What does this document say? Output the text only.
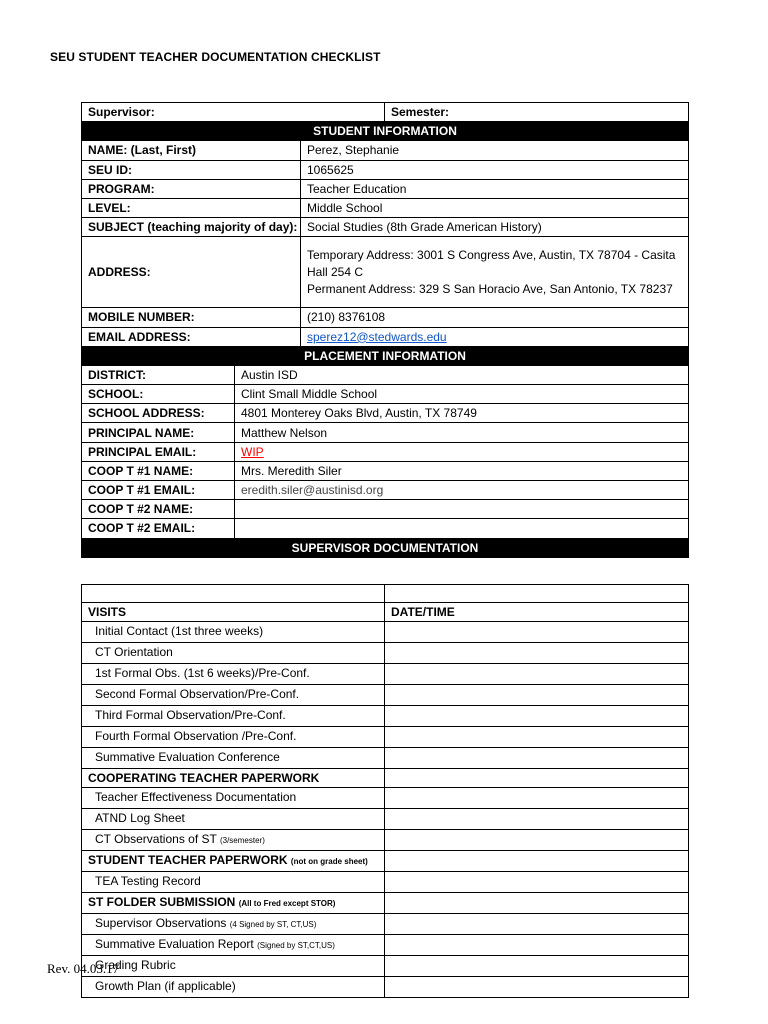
SEU STUDENT TEACHER DOCUMENTATION CHECKLIST
Supervisor:			Semester:
STUDENT INFORMATION			
NAME: (Last, First)		Perez, Stephanie	
SEU ID:		1065625	
PROGRAM:		Teacher Education	
LEVEL:		Middle School	
SUBJECT (teaching majority of day):		Social Studies (8th Grade American History)	
ADDRESS:		Temporary Address: 3001 S Congress Ave, Austin, TX 78704 - Casita Hall 254 C
Permanent Address: 329 S San Horacio Ave, San Antonio, TX 78237	

MOBILE NUMBER:		(210) 8376108	
EMAIL ADDRESS:		sperez12@stedwards.edu	
PLACEMENT INFORMATION			
DISTRICT:	Austin ISD		
SCHOOL:	Clint Small Middle School		
SCHOOL ADDRESS:	4801 Monterey Oaks Blvd, Austin, TX 78749		
PRINCIPAL NAME:	Matthew Nelson		
PRINCIPAL EMAIL:	WIP		
COOP T #1 NAME:	Mrs. Meredith Siler		
COOP T #1 EMAIL:	eredith.siler@austinisd.org		
COOP T #2 NAME:			
COOP T #2 EMAIL:			
SUPERVISOR DOCUMENTATION			

VISITS	DATE/TIME
Initial Contact (1st three weeks)	
CT Orientation	
1st Formal Obs. (1st 6 weeks)/Pre-Conf.	
Second Formal Observation/Pre-Conf.	
Third Formal Observation/Pre-Conf.	
Fourth Formal Observation /Pre-Conf.	
Summative Evaluation Conference	
COOPERATING TEACHER PAPERWORK	
Teacher Effectiveness Documentation	
ATND Log Sheet	
CT Observations of ST (3/semester)	
STUDENT TEACHER PAPERWORK (not on grade sheet)	
TEA Testing Record	
ST FOLDER SUBMISSION (All to Fred except STOR)	
Supervisor Observations (4 Signed by ST, CT,US)	
Summative Evaluation Report (Signed by ST,CT,US)	
Grading Rubric	
Growth Plan (if applicable)	
Rev. 04.03.17
